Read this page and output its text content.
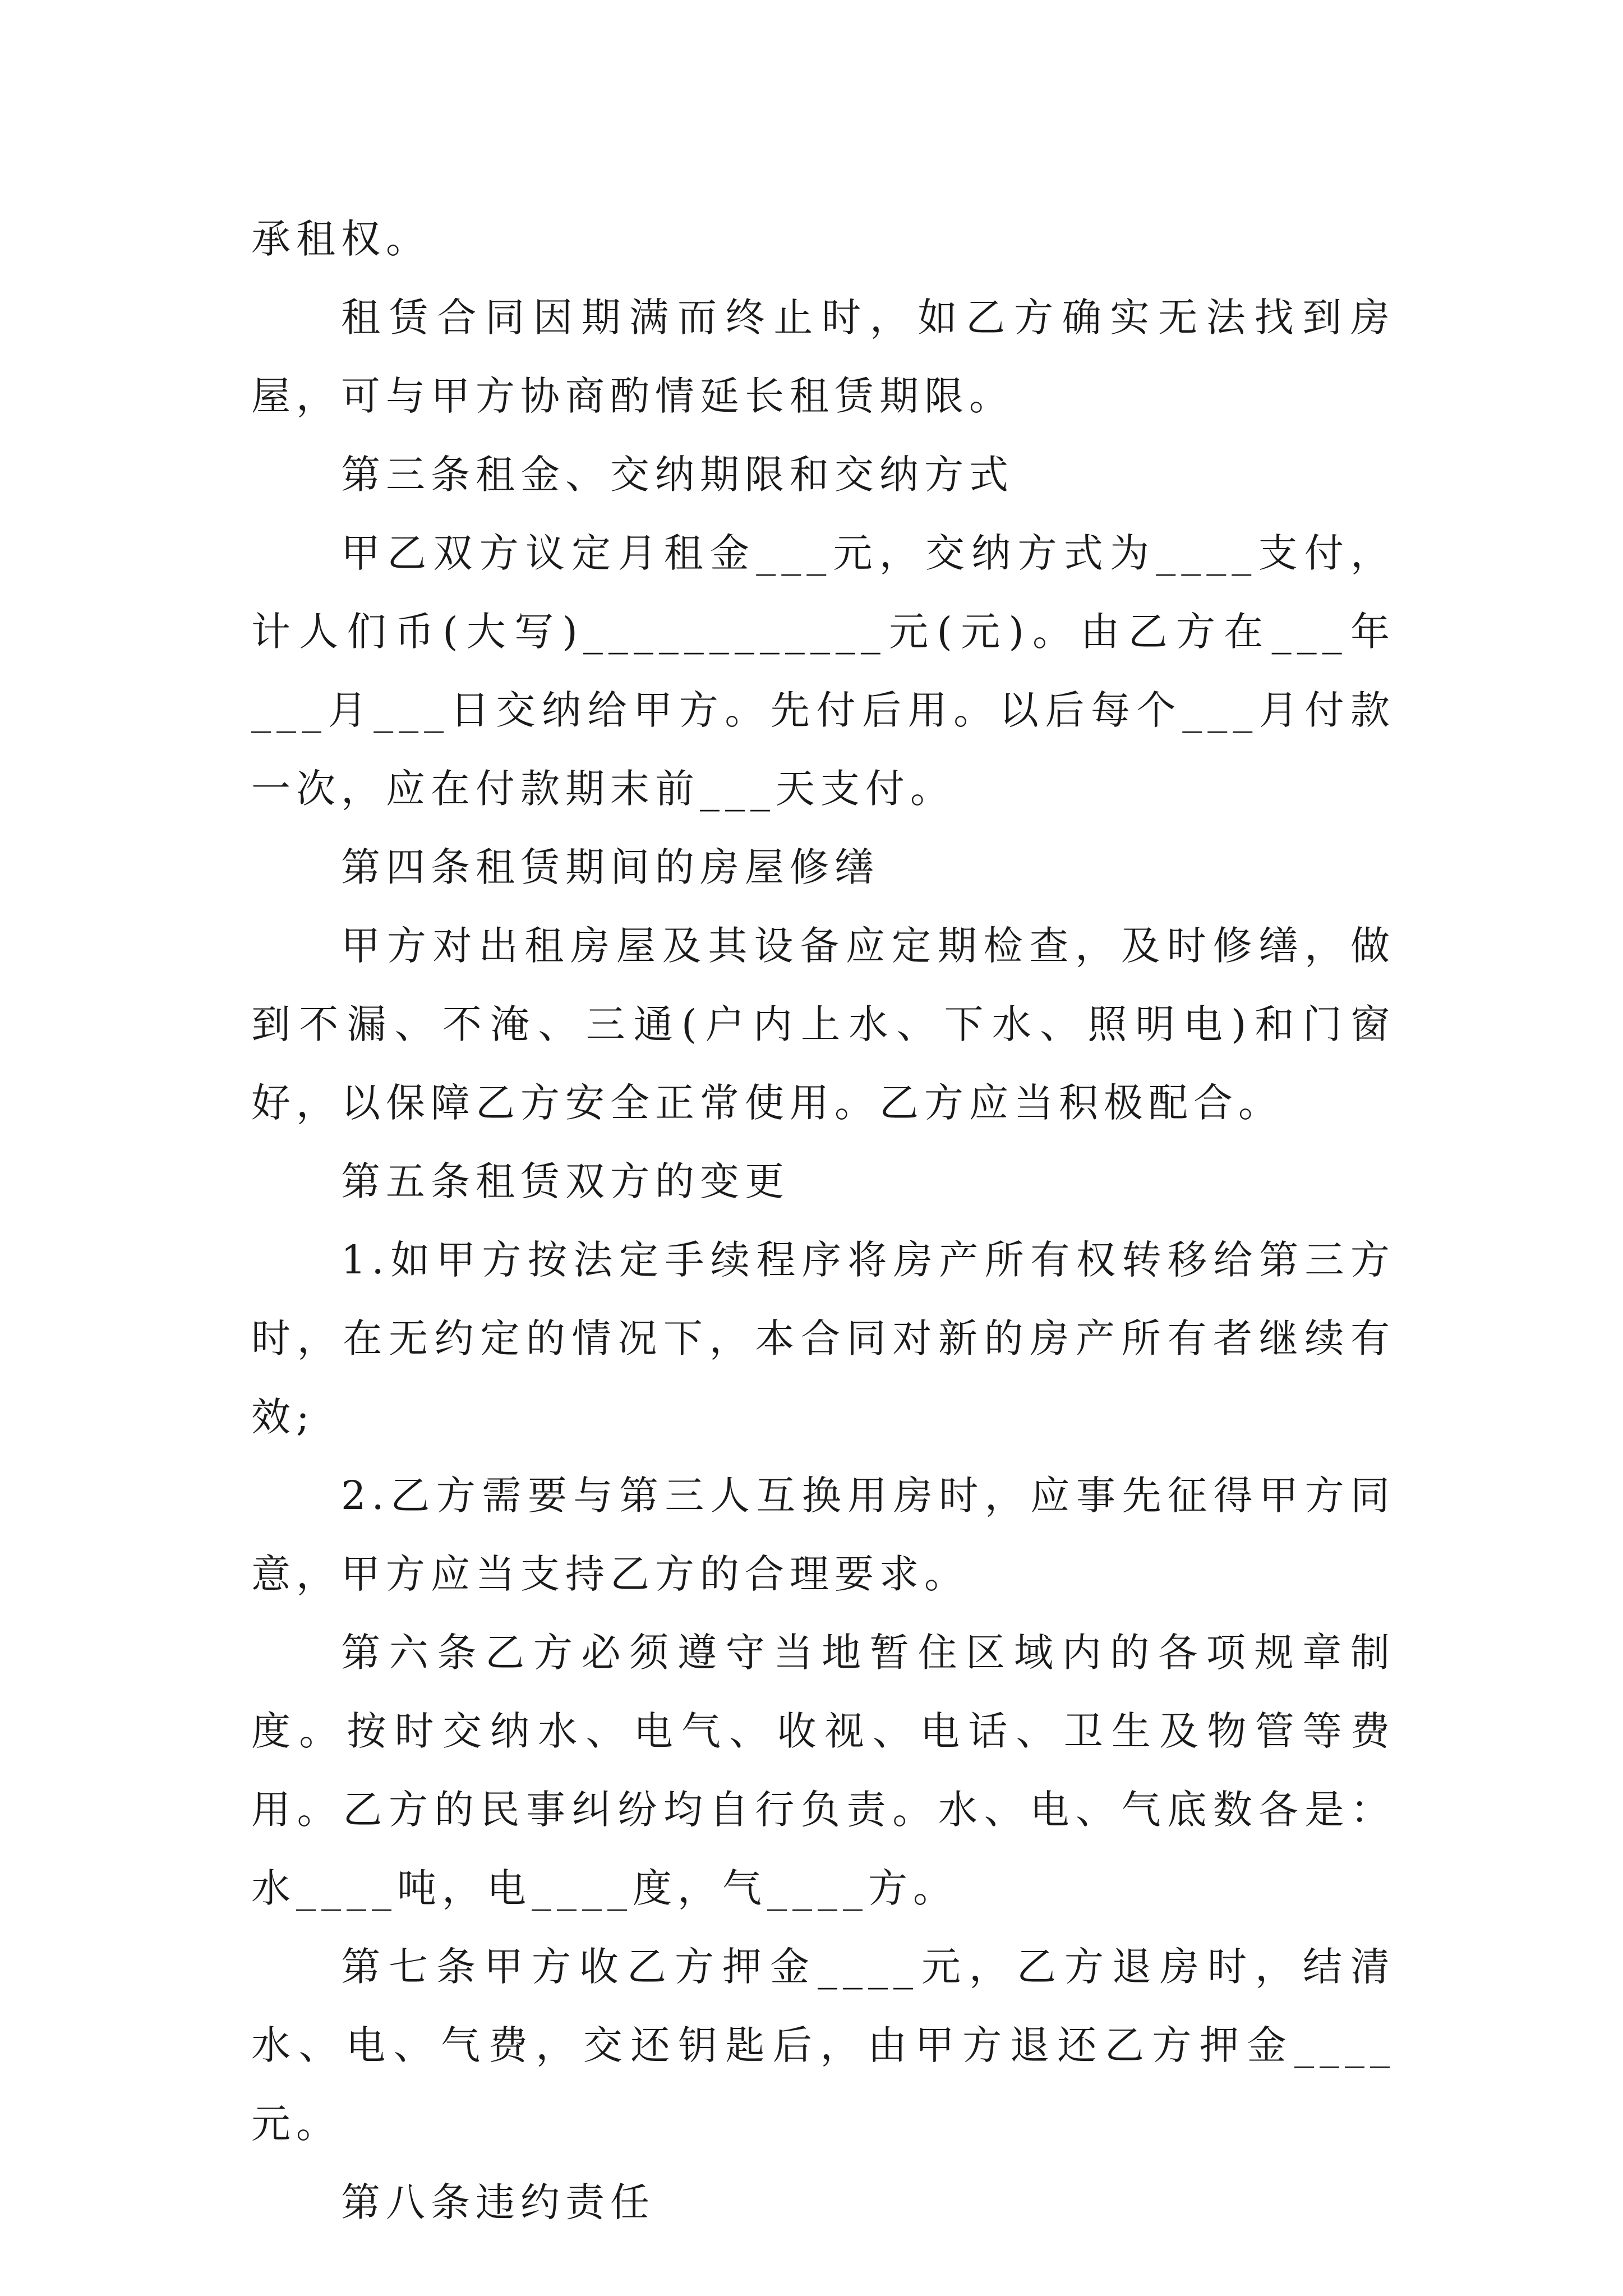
承租权。

租赁合同因期满而终止时，如乙方确实无法找到房屋，可与甲方协商酌情延长租赁期限。

第三条租金、交纳期限和交纳方式

甲乙双方议定月租金___元，交纳方式为____支付，计人们币(大写)____________元(元)。由乙方在___年___月___日交纳给甲方。先付后用。以后每个___月付款一次，应在付款期末前___天支付。

第四条租赁期间的房屋修缮

甲方对出租房屋及其设备应定期检查，及时修缮，做到不漏、不淹、三通(户内上水、下水、照明电)和门窗好，以保障乙方安全正常使用。乙方应当积极配合。

第五条租赁双方的变更

1.如甲方按法定手续程序将房产所有权转移给第三方时，在无约定的情况下，本合同对新的房产所有者继续有效;

2.乙方需要与第三人互换用房时，应事先征得甲方同意，甲方应当支持乙方的合理要求。

第六条乙方必须遵守当地暂住区域内的各项规章制度。按时交纳水、电气、收视、电话、卫生及物管等费用。乙方的民事纠纷均自行负责。水、电、气底数各是：水____吨，电____度，气____方。

第七条甲方收乙方押金____元，乙方退房时，结清水、电、气费，交还钥匙后，由甲方退还乙方押金____元。

第八条违约责任
